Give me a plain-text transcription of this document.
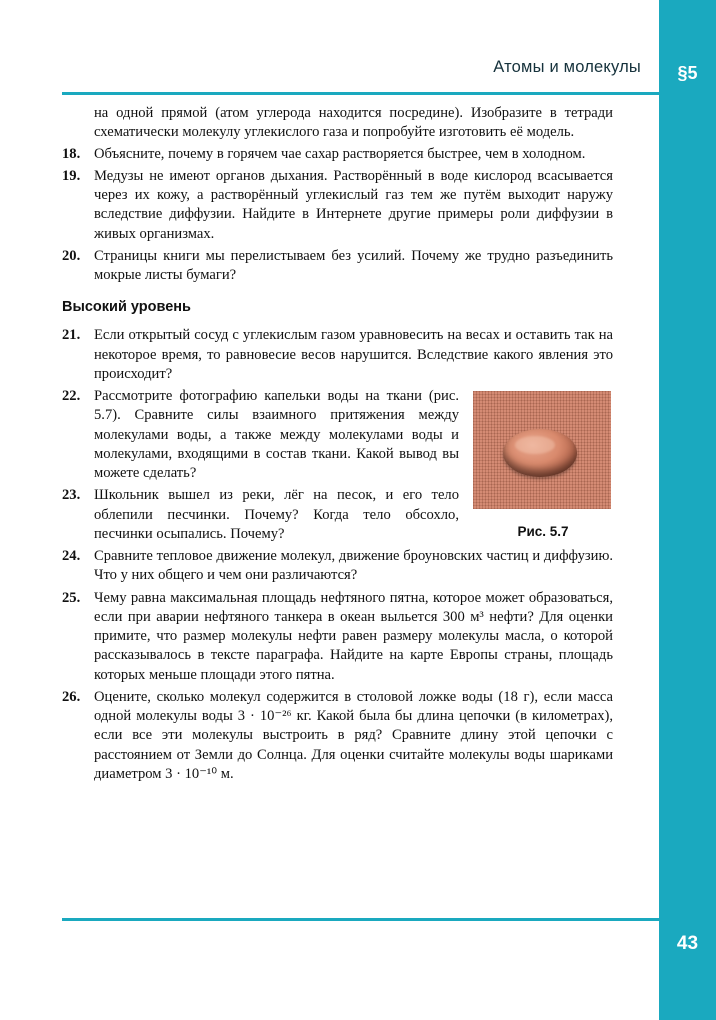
Атомы и молекулы	§5

на одной прямой (атом углерода находится посредине). Изобразите в тетради схематически молекулу углекислого газа и попробуйте изготовить её модель.

18. Объясните, почему в горячем чае сахар растворяется быстрее, чем в холодном.
19. Медузы не имеют органов дыхания. Растворённый в воде кислород всасывается через их кожу, а растворённый углекислый газ тем же путём выходит наружу вследствие диффузии. Найдите в Интернете другие примеры роли диффузии в живых организмах.
20. Страницы книги мы перелистываем без усилий. Почему же трудно разъединить мокрые листы бумаги?
Высокий уровень
21. Если открытый сосуд с углекислым газом уравновесить на весах и оставить так на некоторое время, то равновесие весов нарушится. Вследствие какого явления это происходит?
Рис. 5.7
22. Рассмотрите фотографию капельки воды на ткани (рис. 5.7). Сравните силы взаимного притяжения между молекулами воды, а также между молекулами воды и молекулами, входящими в состав ткани. Какой вывод вы можете сделать?
23. Школьник вышел из реки, лёг на песок, и его тело облепили песчинки. Почему? Когда тело обсохло, песчинки осыпались. Почему?
24. Сравните тепловое движение молекул, движение броуновских частиц и диффузию. Что у них общего и чем они различаются?
25. Чему равна максимальная площадь нефтяного пятна, которое может образоваться, если при аварии нефтяного танкера в океан выльется 300 м³ нефти? Для оценки примите, что размер молекулы нефти равен размеру молекулы масла, о которой рассказывалось в тексте параграфа. Найдите на карте Европы страны, площадь которых меньше площади этого пятна.
26. Оцените, сколько молекул содержится в столовой ложке воды (18 г), если масса одной молекулы воды 3 · 10⁻²⁶ кг. Какой была бы длина цепочки (в километрах), если все эти молекулы выстроить в ряд? Сравните длину этой цепочки с расстоянием от Земли до Солнца. Для оценки считайте молекулы воды шариками диаметром 3 · 10⁻¹⁰ м.
43
